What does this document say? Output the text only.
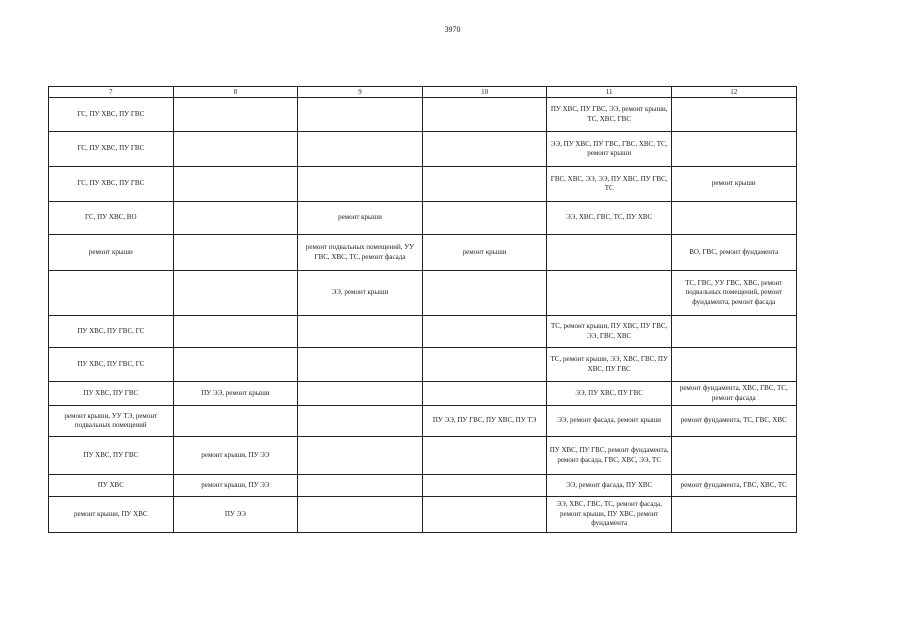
3970
7	8	9	10	11	12
ГС, ПУ ХВС, ПУ ГВС				ПУ ХВС, ПУ ГВС, ЭЭ, ремонт крыши, ТС, ХВС, ГВС	
ГС, ПУ ХВС, ПУ ГВС				ЭЭ, ПУ ХВС, ПУ ГВС, ГВС, ХВС, ТС, ремонт крыши	
ГС, ПУ ХВС, ПУ ГВС				ГВС, ХВС, ЭЭ, ЭЭ, ПУ ХВС, ПУ ГВС, ТС	ремонт крыши
ГС, ПУ ХВС, ВО		ремонт крыши		ЭЭ, ХВС, ГВС, ТС, ПУ ХВС	
ремонт крыши		ремонт подвальных помещений, УУ ГВС, ХВС, ТС, ремонт фасада	ремонт крыши		ВО, ГВС, ремонт фундамента
		ЭЭ, ремонт крыши			ТС, ГВС, УУ ГВС, ХВС, ремонт подвальных помещений, ремонт фундамента, ремонт фасада
ПУ ХВС, ПУ ГВС, ГС				ТС, ремонт крыши, ПУ ХВС, ПУ ГВС, ЭЭ, ГВС, ХВС	
ПУ ХВС, ПУ ГВС, ГС				ТС, ремонт крыши, ЭЭ, ХВС, ГВС, ПУ ХВС, ПУ ГВС	
ПУ ХВС, ПУ ГВС	ПУ ЭЭ, ремонт крыши			ЭЭ, ПУ ХВС, ПУ ГВС	ремонт фундамента, ХВС, ГВС, ТС, ремонт фасада
ремонт крыши, УУ ТЭ, ремонт подвальных помещений			ПУ ЭЭ, ПУ ГВС, ПУ ХВС, ПУ ТЭ	ЭЭ, ремонт фасада, ремонт крыши	ремонт фундамента, ТС, ГВС, ХВС
ПУ ХВС, ПУ ГВС	ремонт крыши, ПУ ЭЭ			ПУ ХВС, ПУ ГВС, ремонт фундамента, ремонт фасада, ГВС, ХВС, ЭЭ, ТС	
ПУ ХВС	ремонт крыши, ПУ ЭЭ			ЭЭ, ремонт фасада, ПУ ХВС	ремонт фундамента, ГВС, ХВС, ТС
ремонт крыши, ПУ ХВС	ПУ ЭЭ			ЭЭ, ХВС, ГВС, ТС, ремонт фасада, ремонт крыши, ПУ ХВС, ремонт фундамента	
